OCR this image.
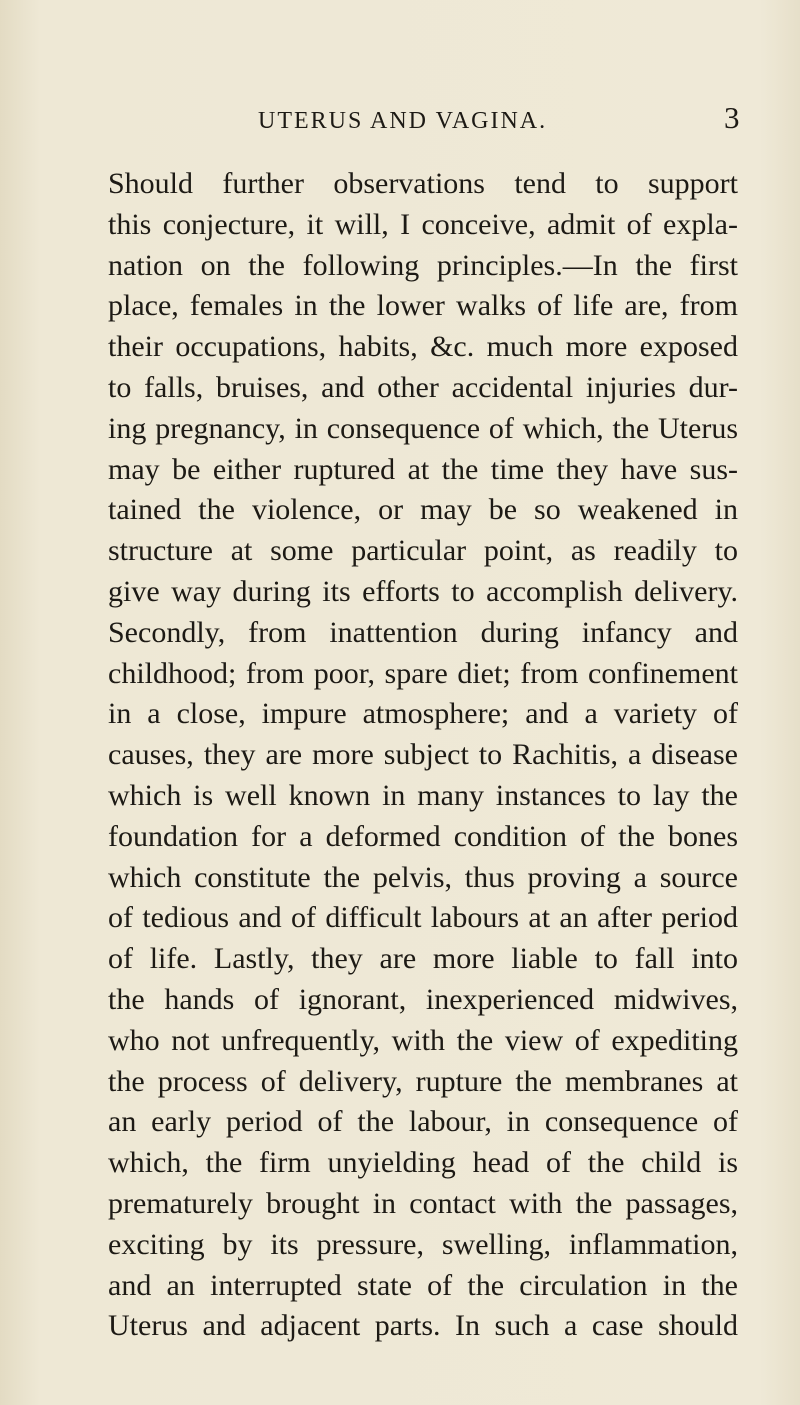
UTERUS AND VAGINA.	3
Should further observations tend to support
this conjecture, it will, I conceive, admit of expla-
nation on the following principles.—In the first
place, females in the lower walks of life are, from
their occupations, habits, &c. much more exposed
to falls, bruises, and other accidental injuries dur-
ing pregnancy, in consequence of which, the Uterus
may be either ruptured at the time they have sus-
tained the violence, or may be so weakened in
structure at some particular point, as readily to
give way during its efforts to accomplish delivery.
Secondly, from inattention during infancy and
childhood; from poor, spare diet; from confinement
in a close, impure atmosphere; and a variety of
causes, they are more subject to Rachitis, a disease
which is well known in many instances to lay the
foundation for a deformed condition of the bones
which constitute the pelvis, thus proving a source
of tedious and of difficult labours at an after period
of life. Lastly, they are more liable to fall into
the hands of ignorant, inexperienced midwives,
who not unfrequently, with the view of expediting
the process of delivery, rupture the membranes at
an early period of the labour, in consequence of
which, the firm unyielding head of the child is
prematurely brought in contact with the passages,
exciting by its pressure, swelling, inflammation,
and an interrupted state of the circulation in the
Uterus and adjacent parts. In such a case should
